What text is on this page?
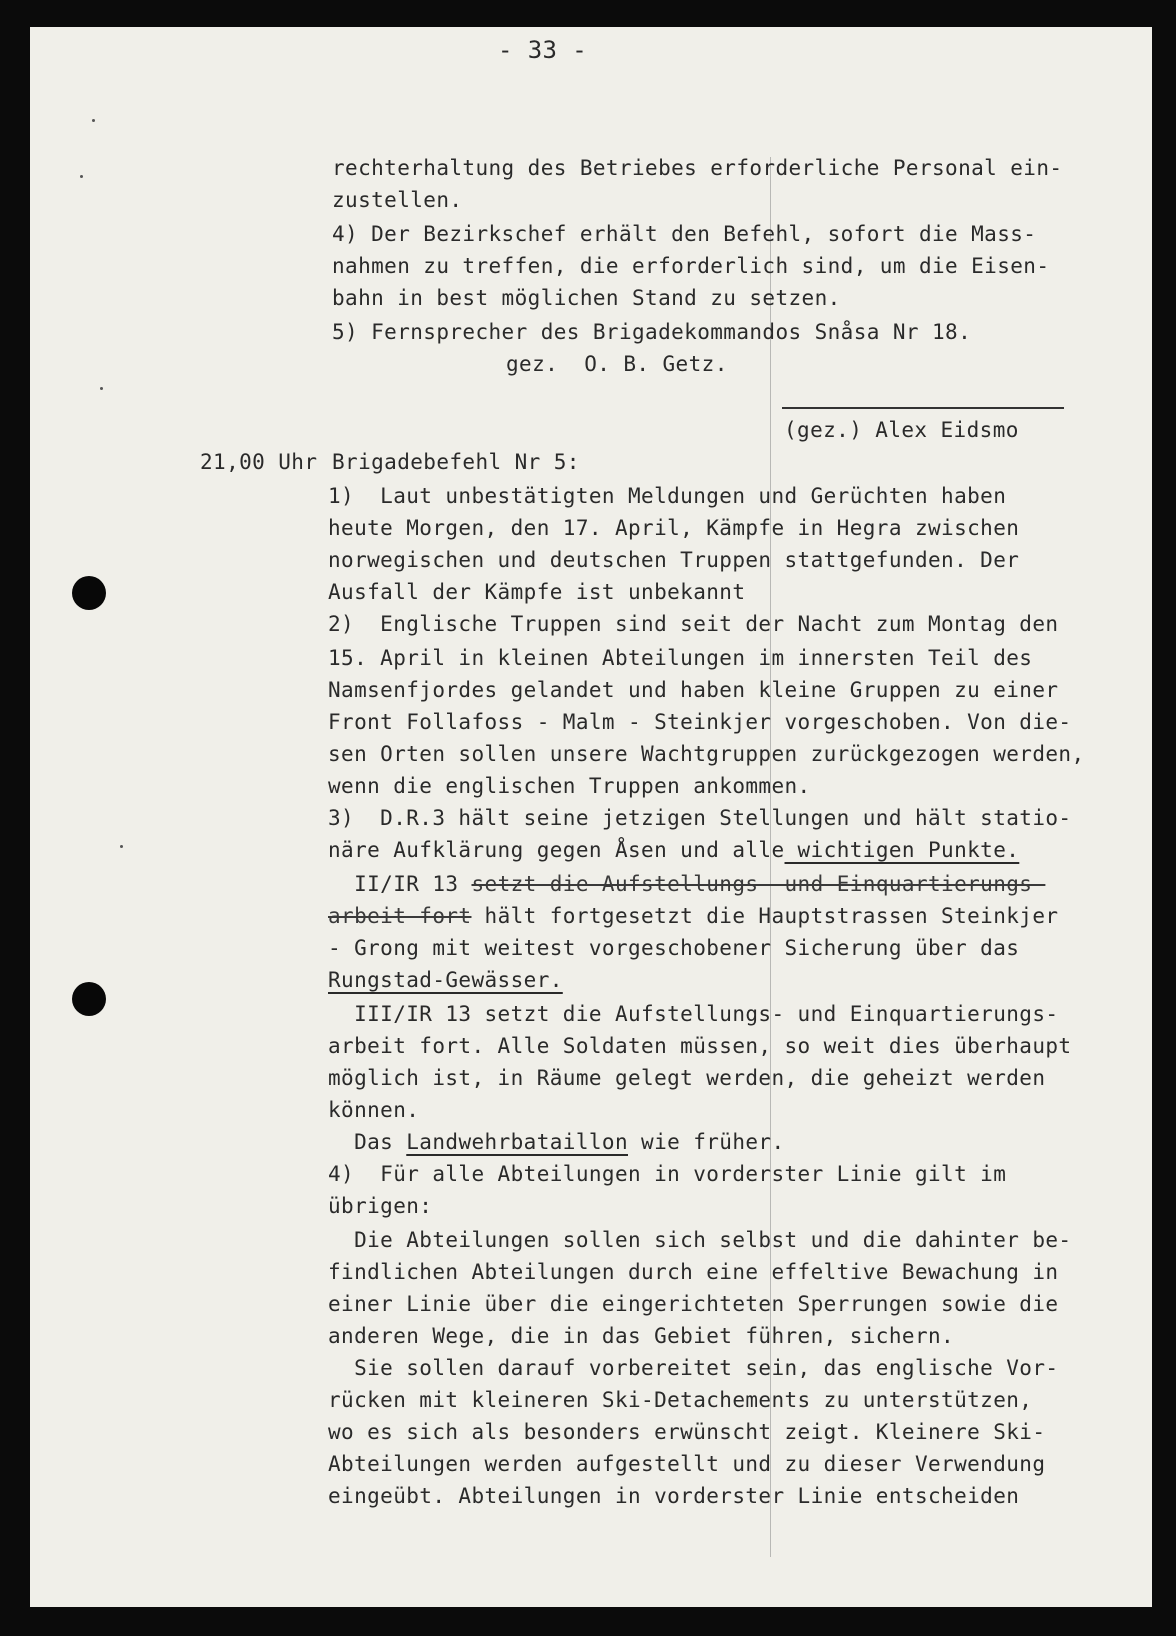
- 33 -
rechterhaltung des Betriebes erforderliche Personal ein-
zustellen.
4) Der Bezirkschef erhält den Befehl, sofort die Mass-
nahmen zu treffen, die erforderlich sind, um die Eisen-
bahn in best möglichen Stand zu setzen.
5) Fernsprecher des Brigadekommandos Snåsa Nr 18.
gez.  O. B. Getz.
(gez.) Alex Eidsmo
21,00 Uhr Brigadebefehl Nr 5:
1)  Laut unbestätigten Meldungen und Gerüchten haben
heute Morgen, den 17. April, Kämpfe in Hegra zwischen
norwegischen und deutschen Truppen stattgefunden. Der
Ausfall der Kämpfe ist unbekannt
2)  Englische Truppen sind seit der Nacht zum Montag den
15. April in kleinen Abteilungen im innersten Teil des
Namsenfjordes gelandet und haben kleine Gruppen zu einer
Front Follafoss - Malm - Steinkjer vorgeschoben. Von die-
sen Orten sollen unsere Wachtgruppen zurückgezogen werden,
wenn die englischen Truppen ankommen.
3)  D.R.3 hält seine jetzigen Stellungen und hält statio-
näre Aufklärung gegen Åsen und alle wichtigen Punkte.
II/IR 13 setzt die Aufstellungs- und Einquartierungs-
arbeit fort hält fortgesetzt die Hauptstrassen Steinkjer
- Grong mit weitest vorgeschobener Sicherung über das
Rungstad-Gewässer.
III/IR 13 setzt die Aufstellungs- und Einquartierungs-
arbeit fort. Alle Soldaten müssen, so weit dies überhaupt
möglich ist, in Räume gelegt werden, die geheizt werden
können.
Das Landwehrbataillon wie früher.
4)  Für alle Abteilungen in vorderster Linie gilt im
übrigen:
Die Abteilungen sollen sich selbst und die dahinter be-
findlichen Abteilungen durch eine effeltive Bewachung in
einer Linie über die eingerichteten Sperrungen sowie die
anderen Wege, die in das Gebiet führen, sichern.
Sie sollen darauf vorbereitet sein, das englische Vor-
rücken mit kleineren Ski-Detachements zu unterstützen,
wo es sich als besonders erwünscht zeigt. Kleinere Ski-
Abteilungen werden aufgestellt und zu dieser Verwendung
eingeübt. Abteilungen in vorderster Linie entscheiden
